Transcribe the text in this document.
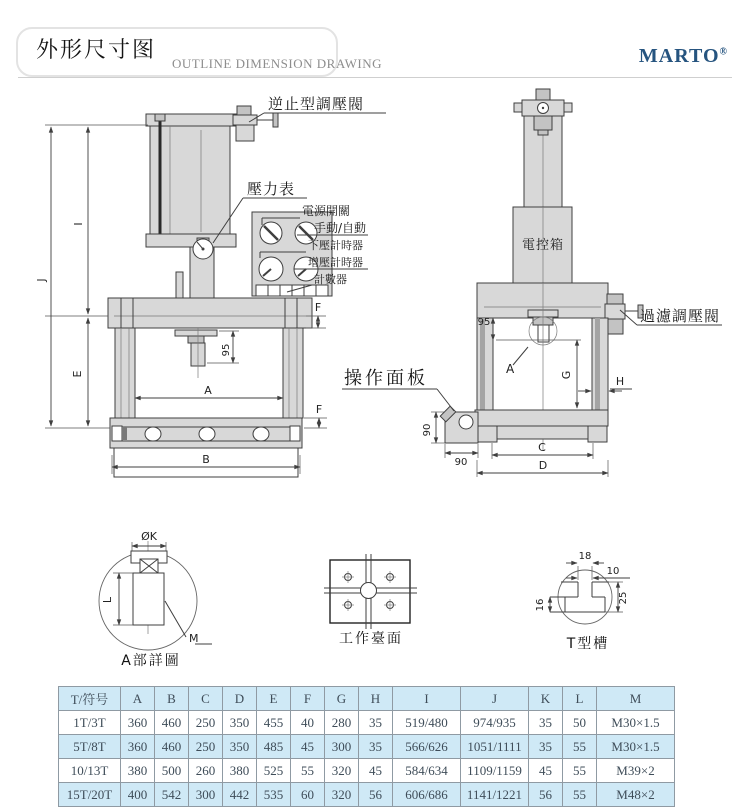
外形尺寸图
OUTLINE DIMENSION DRAWING	MARTO®
J
I
E
A
B
F
F
95
逆止型調壓閥
壓力表
電源開關
手動/自動
下壓計時器
增壓計時器
計數器
電控箱
95
G	H
C
D
90
90
過濾調壓閥
操作面板	A
ØK
L
M
A部詳圖
工作臺面
18
10
16
25
T型槽
T/符号	A	B	C	D	E	F	G	H	I	J	K	L	M
1T/3T	360	460	250	350	455	40	280	35	519/480	974/935	35	50	M30×1.5
5T/8T	360	460	250	350	485	45	300	35	566/626	1051/1111	35	55	M30×1.5
10/13T	380	500	260	380	525	55	320	45	584/634	1109/1159	45	55	M39×2
15T/20T	400	542	300	442	535	60	320	56	606/686	1141/1221	56	55	M48×2
